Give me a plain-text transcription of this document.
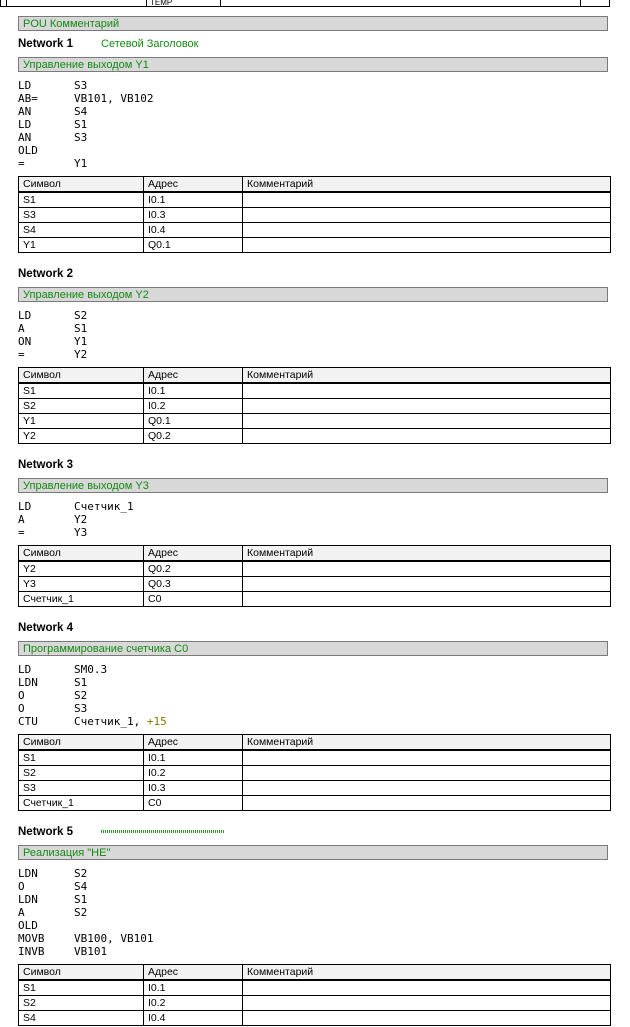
TEMP
POU Комментарий
Network 1	Сетевой Заголовок
Управление выходом Y1
LD	S3
AB=	VB101, VB102
AN	S4
LD	S1
AN	S3
OLD
=	Y1
Символ	Адрес	Комментарий
S1	I0.1	
S3	I0.3	
S4	I0.4	
Y1	Q0.1	
Network 2
Управление выходом Y2
LD	S2
A	S1
ON	Y1
=	Y2
Символ	Адрес	Комментарий
S1	I0.1	
S2	I0.2	
Y1	Q0.1	
Y2	Q0.2	
Network 3
Управление выходом Y3
LD	Счетчик_1
A	Y2
=	Y3
Символ	Адрес	Комментарий
Y2	Q0.2	
Y3	Q0.3	
Счетчик_1	C0	
Network 4
Программирование счетчика C0
LD	SM0.3
LDN	S1
O	S2
O	S3
CTU	Счетчик_1, +15
Символ	Адрес	Комментарий
S1	I0.1	
S2	I0.2	
S3	I0.3	
Счетчик_1	C0	
Network 5
Реализация "НЕ"
LDN	S2
O	S4
LDN	S1
A	S2
OLD
MOVB	VB100, VB101
INVB	VB101
Символ	Адрес	Комментарий
S1	I0.1	
S2	I0.2	
S4	I0.4	
